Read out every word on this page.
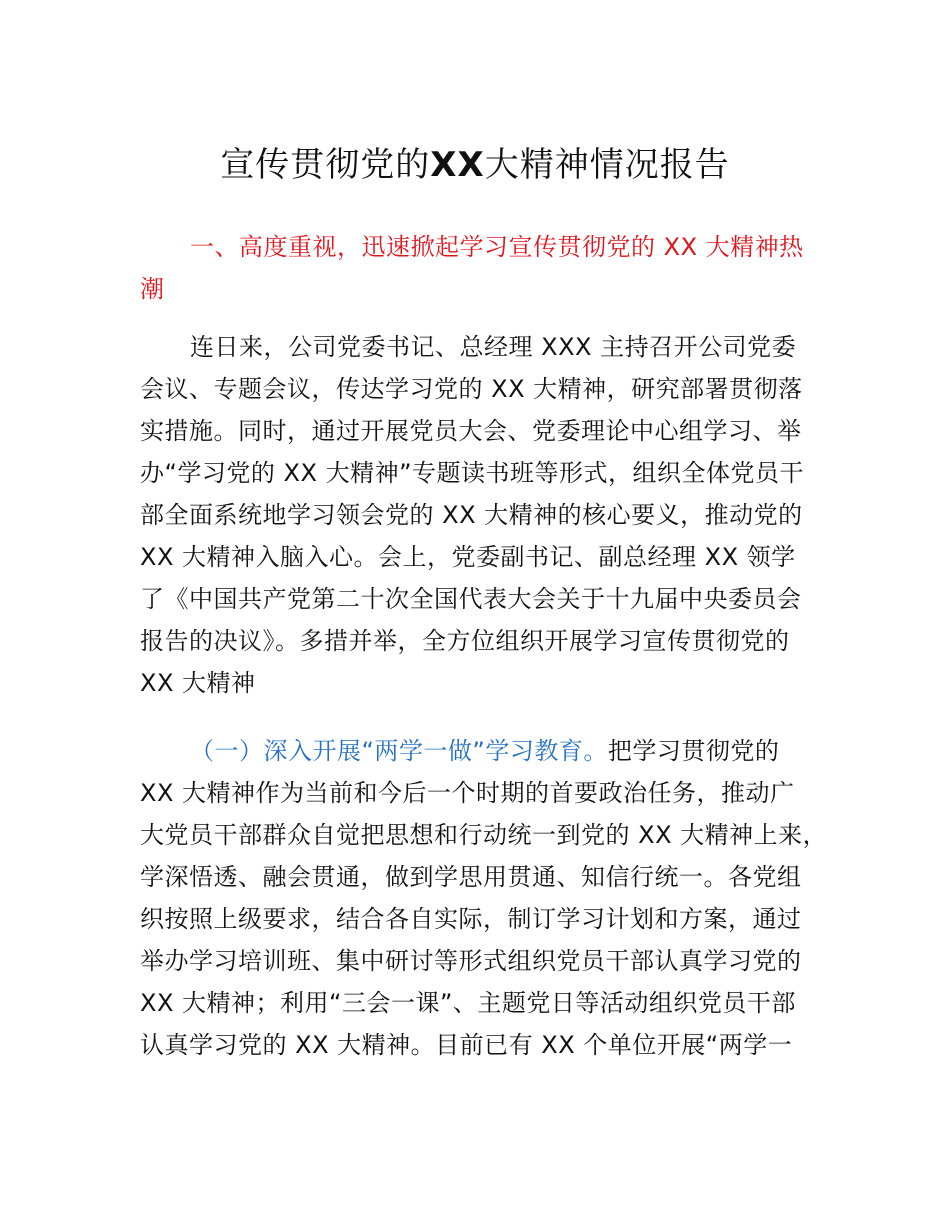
宣传贯彻党的XX大精神情况报告
一、高度重视，迅速掀起学习宣传贯彻党的 XX 大精神热
潮
连日来，公司党委书记、总经理 XXX 主持召开公司党委
会议、专题会议，传达学习党的 XX 大精神，研究部署贯彻落
实措施。同时，通过开展党员大会、党委理论中心组学习、举
办“学习党的 XX 大精神”专题读书班等形式，组织全体党员干
部全面系统地学习领会党的 XX 大精神的核心要义，推动党的
XX 大精神入脑入心。会上，党委副书记、副总经理 XX 领学
了《中国共产党第二十次全国代表大会关于十九届中央委员会
报告的决议》。多措并举，全方位组织开展学习宣传贯彻党的
XX 大精神
（一）深入开展“两学一做”学习教育。把学习贯彻党的
XX 大精神作为当前和今后一个时期的首要政治任务，推动广
大党员干部群众自觉把思想和行动统一到党的 XX 大精神上来，
学深悟透、融会贯通，做到学思用贯通、知信行统一。各党组
织按照上级要求，结合各自实际，制订学习计划和方案，通过
举办学习培训班、集中研讨等形式组织党员干部认真学习党的
XX 大精神；利用“三会一课”、主题党日等活动组织党员干部
认真学习党的 XX 大精神。目前已有 XX 个单位开展“两学一
